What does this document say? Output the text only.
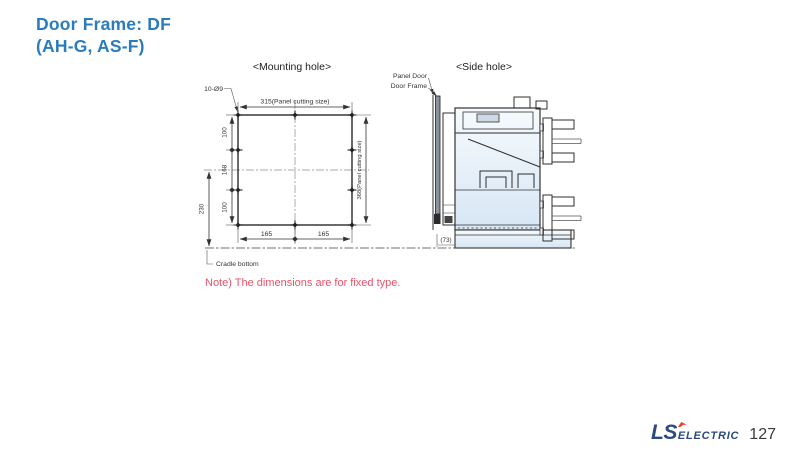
<Mounting hole>
10-Ø9
315(Panel cutting size)
100
168
100
230
368(Panel cutting size)
165	165
Cradle bottom
<Side hole>
Panel Door
Door Frame
(73)
Door Frame: DF
(AH-G, AS-F)
Note) The dimensions are for fixed type.
LS ELECTRIC 127
